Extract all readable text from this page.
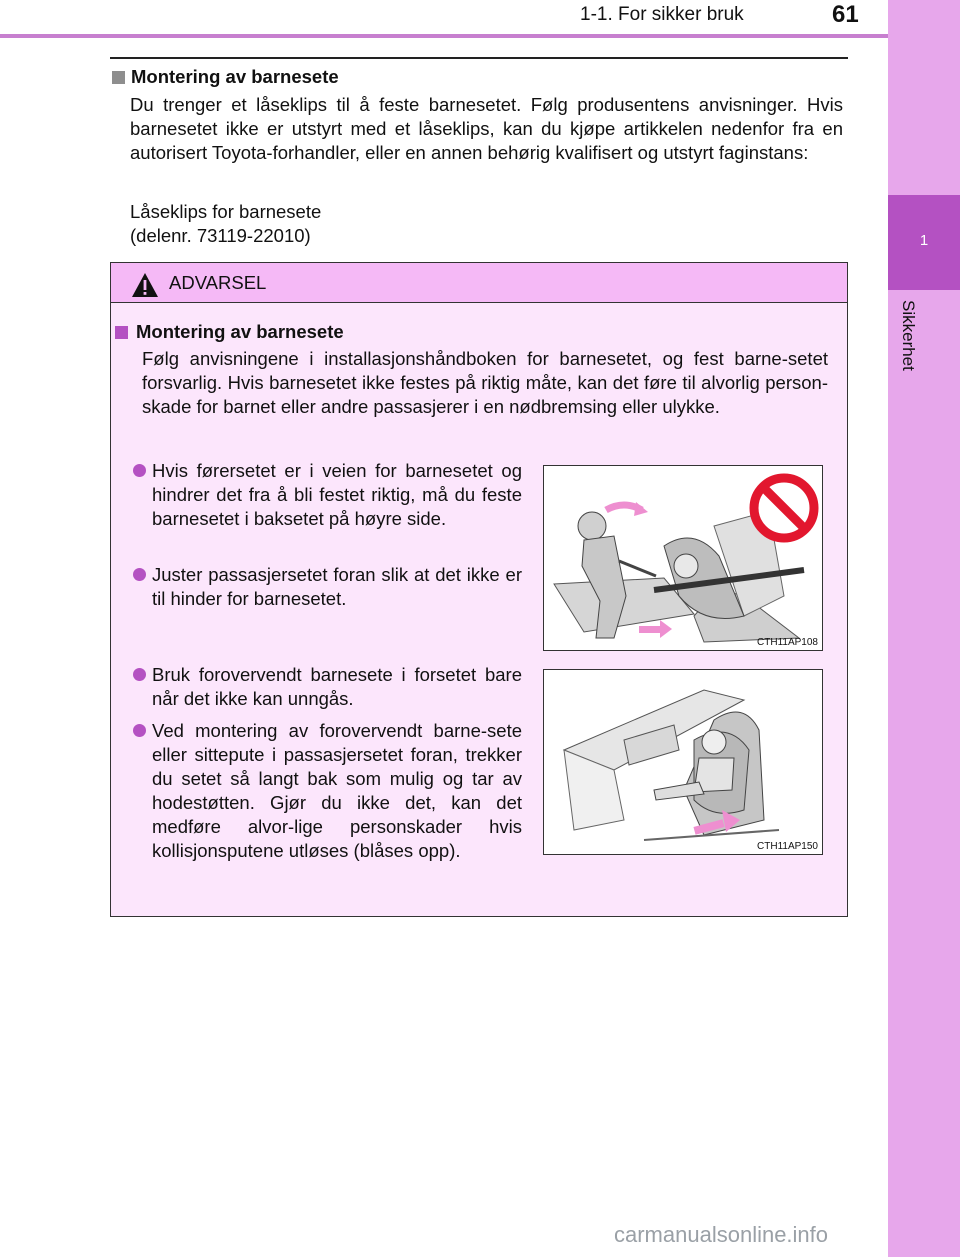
1-1. For sikker bruk	61
1
Sikkerhet
Montering av barnesete
Du trenger et låseklips til å feste barnesetet. Følg produsentens anvisninger. Hvis barnesetet ikke er utstyrt med et låseklips, kan du kjøpe artikkelen nedenfor fra en autorisert Toyota-forhandler, eller en annen behørig kvalifisert og utstyrt faginstans:
Låseklips for barnesete
(delenr. 73119-22010)
ADVARSEL
Montering av barnesete
Følg anvisningene i installasjonshåndboken for barnesetet, og fest barne-setet forsvarlig. Hvis barnesetet ikke festes på riktig måte, kan det føre til alvorlig person-skade for barnet eller andre passasjerer i en nødbremsing eller ulykke.
Hvis førersetet er i veien for barnesetet og hindrer det fra å bli festet riktig, må du feste barnesetet i baksetet på høyre side.
Juster passasjersetet foran slik at det ikke er til hinder for barnesetet.
Bruk forovervendt barnesete i forsetet bare når det ikke kan unngås.
Ved montering av forovervendt barne-sete eller sittepute i passasjersetet foran, trekker du setet så langt bak som mulig og tar av hodestøtten. Gjør du ikke det, kan det medføre alvor-lige personskader hvis kollisjonsputene utløses (blåses opp).
CTH11AP108
CTH11AP150
carmanualsonline.info
